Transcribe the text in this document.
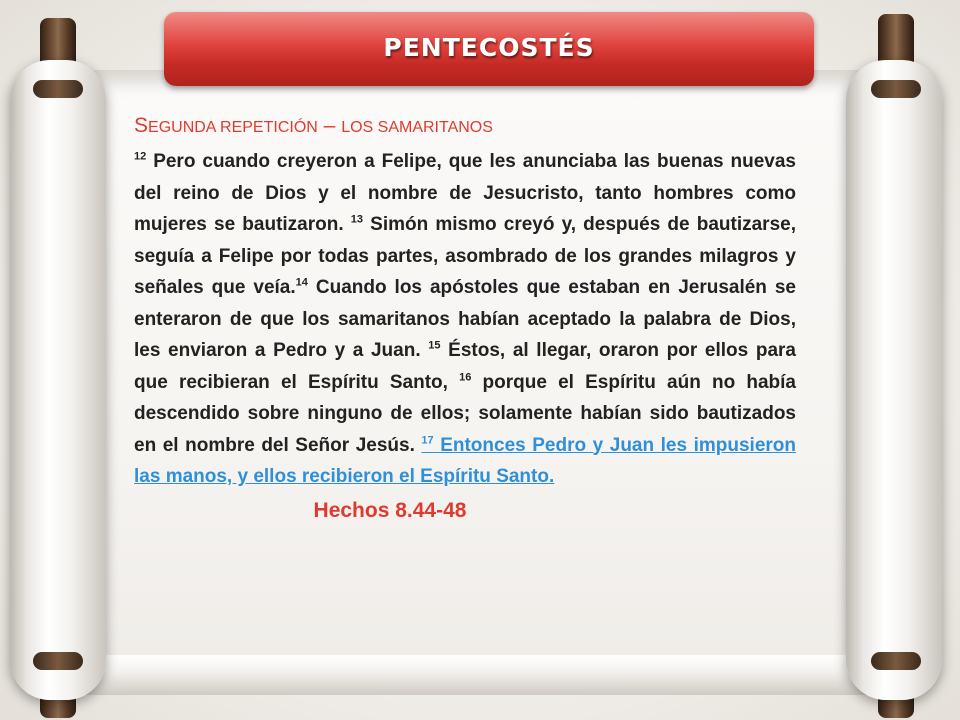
PENTECOSTÉS
SEGUNDA REPETICIÓN – LOS SAMARITANOS

$^{12}$ Pero cuando creyeron a Felipe, que les anunciaba las buenas nuevas del reino de Dios y el nombre de Jesucristo, tanto hombres como mujeres se bautizaron. $^{13}$ Simón mismo creyó y, después de bautizarse, seguía a Felipe por todas partes, asombrado de los grandes milagros y señales que veía.$^{14}$ Cuando los apóstoles que estaban en Jerusalén se enteraron de que los samaritanos habían aceptado la palabra de Dios, les enviaron a Pedro y a Juan. $^{15}$ Éstos, al llegar, oraron por ellos para que recibieran el Espíritu Santo, $^{16}$ porque el Espíritu aún no había descendido sobre ninguno de ellos; solamente habían sido bautizados en el nombre del Señor Jesús. $^{17}$ Entonces Pedro y Juan les impusieron las manos, y ellos recibieron el Espíritu Santo.

Hechos 8.44-48
